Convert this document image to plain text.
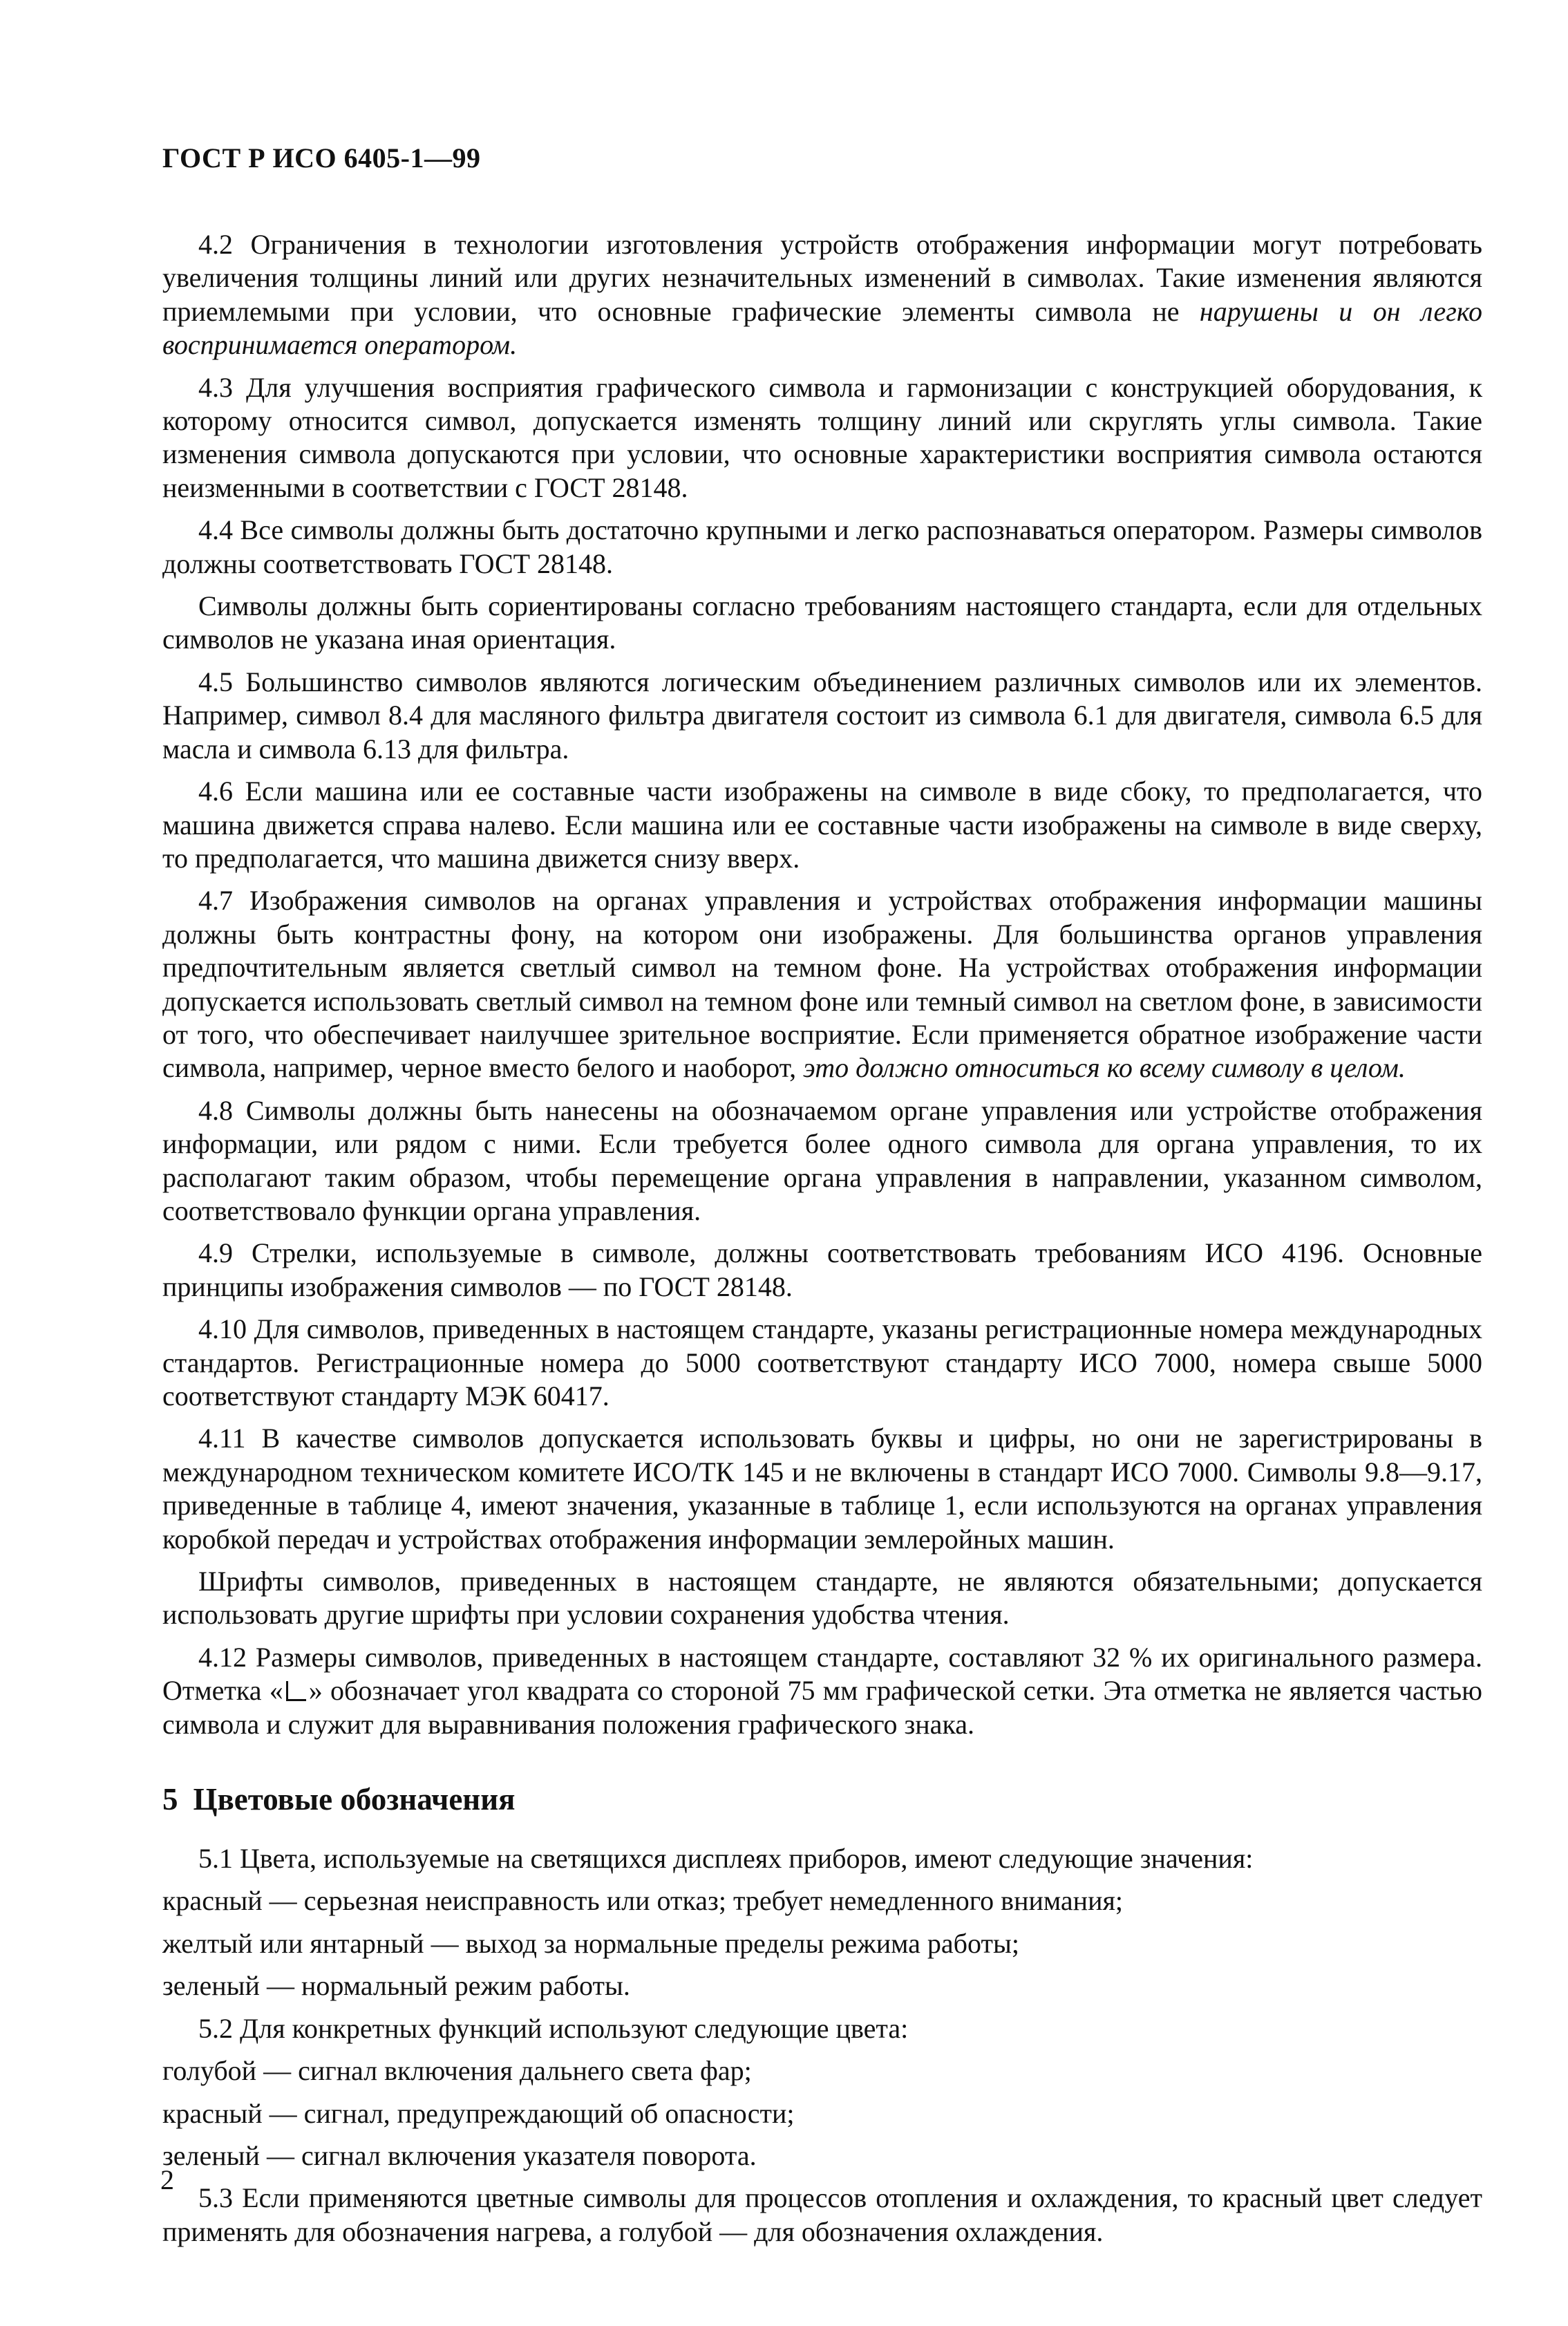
ГОСТ Р ИСО 6405-1—99

4.2 Ограничения в технологии изготовления устройств отображения информации могут потребовать увеличения толщины линий или других незначительных изменений в символах. Такие изменения являются приемлемыми при условии, что основные графические элементы символа не нарушены и он легко воспринимается оператором.

4.3 Для улучшения восприятия графического символа и гармонизации с конструкцией оборудования, к которому относится символ, допускается изменять толщину линий или скруглять углы символа. Такие изменения символа допускаются при условии, что основные характеристики восприятия символа остаются неизменными в соответствии с ГОСТ 28148.

4.4 Все символы должны быть достаточно крупными и легко распознаваться оператором. Размеры символов должны соответствовать ГОСТ 28148.

Символы должны быть сориентированы согласно требованиям настоящего стандарта, если для отдельных символов не указана иная ориентация.

4.5 Большинство символов являются логическим объединением различных символов или их элементов. Например, символ 8.4 для масляного фильтра двигателя состоит из символа 6.1 для двигателя, символа 6.5 для масла и символа 6.13 для фильтра.

4.6 Если машина или ее составные части изображены на символе в виде сбоку, то предполагается, что машина движется справа налево. Если машина или ее составные части изображены на символе в виде сверху, то предполагается, что машина движется снизу вверх.

4.7 Изображения символов на органах управления и устройствах отображения информации машины должны быть контрастны фону, на котором они изображены. Для большинства органов управления предпочтительным является светлый символ на темном фоне. На устройствах отображения информации допускается использовать светлый символ на темном фоне или темный символ на светлом фоне, в зависимости от того, что обеспечивает наилучшее зрительное восприятие. Если применяется обратное изображение части символа, например, черное вместо белого и наоборот, это должно относиться ко всему символу в целом.

4.8 Символы должны быть нанесены на обозначаемом органе управления или устройстве отображения информации, или рядом с ними. Если требуется более одного символа для органа управления, то их располагают таким образом, чтобы перемещение органа управления в направлении, указанном символом, соответствовало функции органа управления.

4.9 Стрелки, используемые в символе, должны соответствовать требованиям ИСО 4196. Основные принципы изображения символов — по ГОСТ 28148.

4.10 Для символов, приведенных в настоящем стандарте, указаны регистрационные номера международных стандартов. Регистрационные номера до 5000 соответствуют стандарту ИСО 7000, номера свыше 5000 соответствуют стандарту МЭК 60417.

4.11 В качестве символов допускается использовать буквы и цифры, но они не зарегистрированы в международном техническом комитете ИСО/ТК 145 и не включены в стандарт ИСО 7000. Символы 9.8—9.17, приведенные в таблице 4, имеют значения, указанные в таблице 1, если используются на органах управления коробкой передач и устройствах отображения информации землеройных машин.

Шрифты символов, приведенных в настоящем стандарте, не являются обязательными; допускается использовать другие шрифты при условии сохранения удобства чтения.

4.12 Размеры символов, приведенных в настоящем стандарте, составляют 32 % их оригинального размера. Отметка « » обозначает угол квадрата со стороной 75 мм графической сетки. Эта отметка не является частью символа и служит для выравнивания положения графического знака.

5 Цветовые обозначения

5.1 Цвета, используемые на светящихся дисплеях приборов, имеют следующие значения:

красный — серьезная неисправность или отказ; требует немедленного внимания;

желтый или янтарный — выход за нормальные пределы режима работы;

зеленый — нормальный режим работы.

5.2 Для конкретных функций используют следующие цвета:

голубой — сигнал включения дальнего света фар;

красный — сигнал, предупреждающий об опасности;

зеленый — сигнал включения указателя поворота.

5.3 Если применяются цветные символы для процессов отопления и охлаждения, то красный цвет следует применять для обозначения нагрева, а голубой — для обозначения охлаждения.

2
